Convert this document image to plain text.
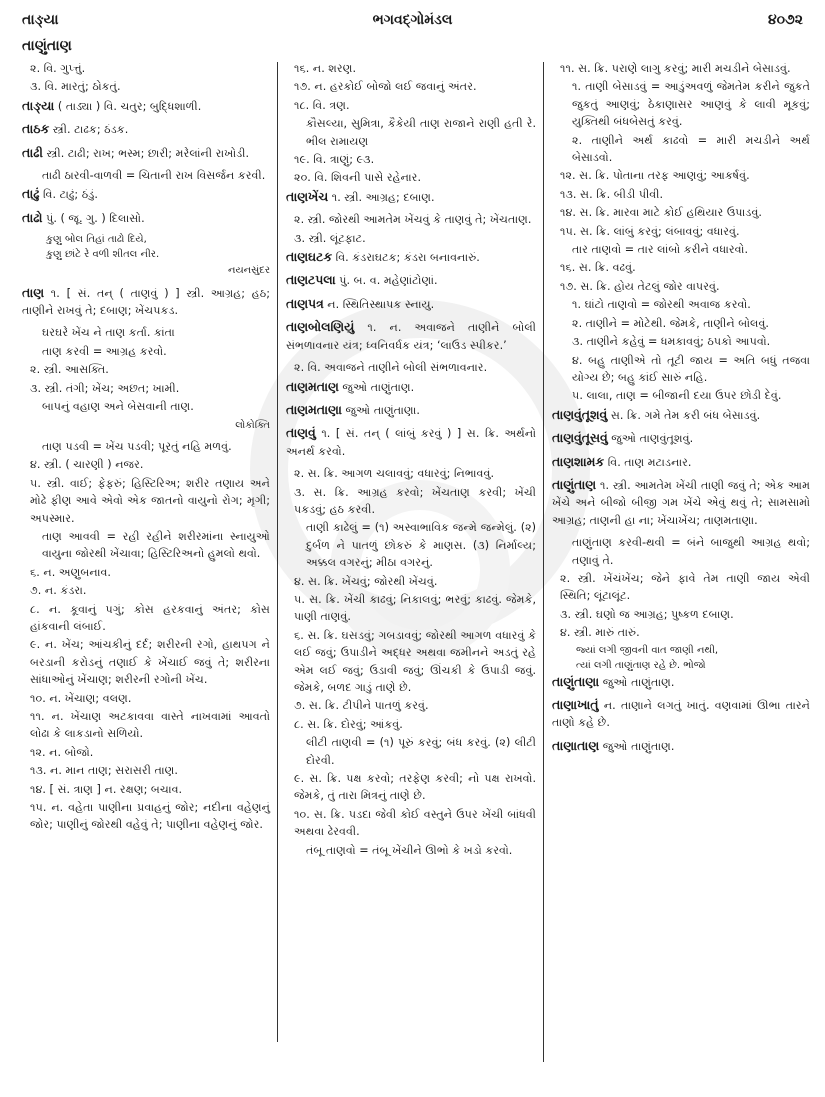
તાઙ્યા	ભગવદ્ગોમંડલ	૪૦૭૨
તાણુંતાણ
૨. વિ. ગુપ્ત્તું.
૩. વિ. મારતું; ઠોકતું.
તાઙ્યા ( તાડ્યા ) વિ. ચતુર; બુદ્ધિશાળી.
તાઠક સ્ત્રી. ટાઢક; ઠંડક.
તાઢી સ્ત્રી. ટાઢી; રાખ; ભસ્મ; છારી; મરેલાંની રાખોડી.
તાઢી ઠારવી-વાળવી = ચિતાની રાખ વિસર્જન કરવી.
તાઢું વિ. ટાઢું; ઠંડું.
તાઢો પું. ( જૂ. ગુ. ) દિલાસો.
કુણુ બોલ તિહાં તાઢો દિયે,
કુણુ છાંટે રે વળી શીતલ નીર.
નયનસુંદર
તાણ ૧. [ સં. તન્ ( તાણવું ) ] સ્ત્રી. આગ્રહ; હઠ; તાણીને રાખવું તે; દબાણ; ખેંચપકડ.
ઘરઘરે ખેંચ ને તાણ કર્તા. કાંતા
તાણ કરવી = આગ્રહ કરવો.
૨. સ્ત્રી. આસક્તિ.
૩. સ્ત્રી. તંગી; ખેંચ; અછત; ખામી.
બાપનું વહાણ અને બેસવાની તાણ.
લોકોક્તિ
તાણ પડવી = ખેંચ પડવી; પૂરતું નહિ મળવું.
૪. સ્ત્રી. ( ચારણી ) નજર.
૫. સ્ત્રી. વાઈ; ફેફરું; હિસ્ટિરિઅ; શરીર તણાય અને મોઢે ફીણ આવે એવો એક જાતનો વાયુનો રોગ; મૃગી; અપસ્માર.
તાણ આવવી = રહી રહીને શરીરમાંના સ્નાયુઓ વાયુના જોરથી ખેંચાવા; હિસ્ટિરિઅનો હુમલો થવો.
૬. ન. અણુબનાવ.
૭. ન. કંડરા.
૮. ન. કૂવાનું પગું; કોસ હરકવાનું અંતર; કોસ હાંકવાની લંબાઈ.
૯. ન. ખેંચ; આંચકીનું દર્દ; શરીરની રગો, હાથપગ ને બરડાની કરોડનું તણાઈ કે ખેંચાઈ જવું તે; શરીરના સાંધાઓનું ખેંચાણ; શરીરની રગોની ખેંચ.
૧૦. ન. ખેંચાણ; વલણ.
૧૧. ન. ખેંચાણ અટકાવવા વાસ્તે નાખવામાં આવતો લોઢા કે લાકડાનો સળિયો.
૧૨. ન. બોજો.
૧૩. ન. માન તાણ; સરાસરી તાણ.
૧૪. [ સં. ત્રાણ ] ન. રક્ષણ; બચાવ.
૧૫. ન. વહેતા પાણીના પ્રવાહનું જોર; નદીના વહેણનું જોર; પાણીનું જોરથી વહેવું તે; પાણીના વહેણનું જોર.
૧૬. ન. શરણ.
૧૭. ન. હરકોઈ બોજો લઈ જવાનું અંતર.
૧૮. વિ. ત્રણ.
કૌસલ્યા, સુમિત્રા, કૈકેયી તાણ રાજાને રાણી હતી રે. ભીલ રામાયણ
૧૯. વિ. ત્રાણું; ૯૩.
૨૦. વિ. શિવની પાસે રહેનાર.
તાણખેંચ ૧. સ્ત્રી. આગ્રહ; દબાણ.
૨. સ્ત્રી. જોરથી આમતેમ ખેંચવું કે તાણવું તે; ખેંચતાણ.
૩. સ્ત્રી. લૂંટફાટ.
તાણઘટક વિ. કંડરાઘટક; કંડરા બનાવનારું.
તાણટપલા પું. બ. વ. મહેણાંટોણાં.
તાણપત્ર ન. સ્થિતિસ્થાપક સ્નાયુ.
તાણબોલણિયું ૧. ન. અવાજને તાણીને બોલી સંભળાવનાર યંત્ર; ધ્વનિવર્ધક યંત્ર; ‘લાઉડ સ્પીકર.’
૨. વિ. અવાજને તાણીને બોલી સંભળાવનાર.
તાણમતાણ જુઓ તાણુંતાણ.
તાણમતાણા જુઓ તાણુંતાણા.
તાણવું ૧. [ સં. તન્ ( લાંબું કરવું ) ] સ. ક્રિ. અર્થનો અનર્થ કરવો.
૨. સ. ક્રિ. આગળ ચલાવવું; વધારવું; નિભાવવું.
૩. સ. ક્રિ. આગ્રહ કરવો; ખેંચતાણ કરવી; ખેંચી પકડવું; હઠ કરવી.
તાણી કાઢેલું = (૧) અસ્વાભાવિક જન્મે જન્મેલું. (૨) દુર્બળ ને પાતળું છોકરું કે માણસ. (૩) નિર્માલ્ય; અક્કલ વગરનું; મીઠા વગરનું.
૪. સ. ક્રિ. ખેંચવું; જોરથી ખેંચવું.
૫. સ. ક્રિ. ખેંચી કાઢવું; નિકાલવું; ભરવું; કાઢવું. જેમકે, પાણી તાણવું.
૬. સ. ક્રિ. ઘસડવું; ગબડાવવું; જોરથી આગળ વધારવું કે લઈ જવું; ઉપાડીને અદ્ધર અથવા જમીનને અડતું રહે એમ લઈ જવું; ઉડાવી જવું; ઊંચકી કે ઉપાડી જવું. જેમકે, બળદ ગાડું તાણે છે.
૭. સ. ક્રિ. ટીપીને પાતળું કરવું.
૮. સ. ક્રિ. દોરવું; આંકવું.
લીટી તાણવી = (૧) પૂરું કરવું; બંધ કરવું. (૨) લીટી દોરવી.
૯. સ. ક્રિ. પક્ષ કરવો; તરફેણ કરવી; નો પક્ષ રાખવો. જેમકે, તું તારા મિત્રનું તાણે છે.
૧૦. સ. ક્રિ. પડદા જેવી કોઈ વસ્તુને ઉપર ખેંચી બાંધવી અથવા ઢેરવવી.
તંબૂ તાણવો = તંબૂ ખેંચીને ઊભો કે ખડો કરવો.
૧૧. સ. ક્રિ. પરાણે લાગુ કરવું; મારી મચડીને બેસાડવું.
૧. તાણી બેસાડવું = આડુંઅવળું જેમતેમ કરીને જુકતે જુકતું આણવું; ઠેકાણાસર આણવું કે લાવી મૂકવું; યુક્તિથી બંધબેસતું કરવું.
૨. તાણીને અર્થ કાઢવો = મારી મચડીને અર્થ બેસાડવો.
૧૨. સ. ક્રિ. પોતાના તરફ આણવું; આકર્ષવું.
૧૩. સ. ક્રિ. બીડી પીવી.
૧૪. સ. ક્રિ. મારવા માટે કોઈ હથિયાર ઉપાડવું.
૧૫. સ. ક્રિ. લાંબું કરવું; લંબાવવું; વધારવું.
તાર તાણવો = તાર લાંબો કરીને વધારવો.
૧૬. સ. ક્રિ. વઢવું.
૧૭. સ. ક્રિ. હોય તેટલું જોર વાપરવું.
૧. ઘાંટો તાણવો = જોરથી અવાજ કરવો.
૨. તાણીને = મોટેથી. જેમકે, તાણીને બોલવું.
૩. તાણીને કહેવું = ધમકાવવું; ઠપકો આપવો.
૪. બહુ તાણીએ તો તૂટી જાય = અતિ બધું તજવા યોગ્ય છે; બહુ કાંઈ સારું નહિ.
૫. લાલા, તાણ = બીજાની દયા ઉપર છોડી દેવું.
તાણવુંતૂશવું સ. ક્રિ. ગમે તેમ કરી બંધ બેસાડવું.
તાણવુંતૂસવું જુઓ તાણવુંતૂશવું.
તાણશામક વિ. તાણ મટાડનાર.
તાણુંતાણ ૧. સ્ત્રી. આમતેમ ખેંચી તાણી જવું તે; એક આમ ખેંચે અને બીજો બીજી ગમ ખેંચે એવું થવું તે; સામસામો આગ્રહ; તાણની હા ના; ખેંચાખેંચ; તાણમતાણા.
તાણુંતાણ કરવી-થવી = બંને બાજુથી આગ્રહ થવો; તણાવું તે.
૨. સ્ત્રી. ખેંચંખેંચ; જેને ફાવે તેમ તાણી જાય એવી સ્થિતિ; લૂંટાલૂંટ.
૩. સ્ત્રી. ઘણો જ આગ્રહ; પુષ્કળ દબાણ.
૪. સ્ત્રી. મારું તારું.
જ્યાં લગી જીવની વાત જાણી નથી,
ત્યાં લગી તાણુંતાણ રહે છે. ભોજો
તાણુંતાણા જુઓ તાણુંતાણ.
તાણાખાતું ન. તાણાને લગતું ખાતું. વણવામાં ઊભા તારને તાણો કહે છે.
તાણાતાણ જુઓ તાણુંતાણ.
